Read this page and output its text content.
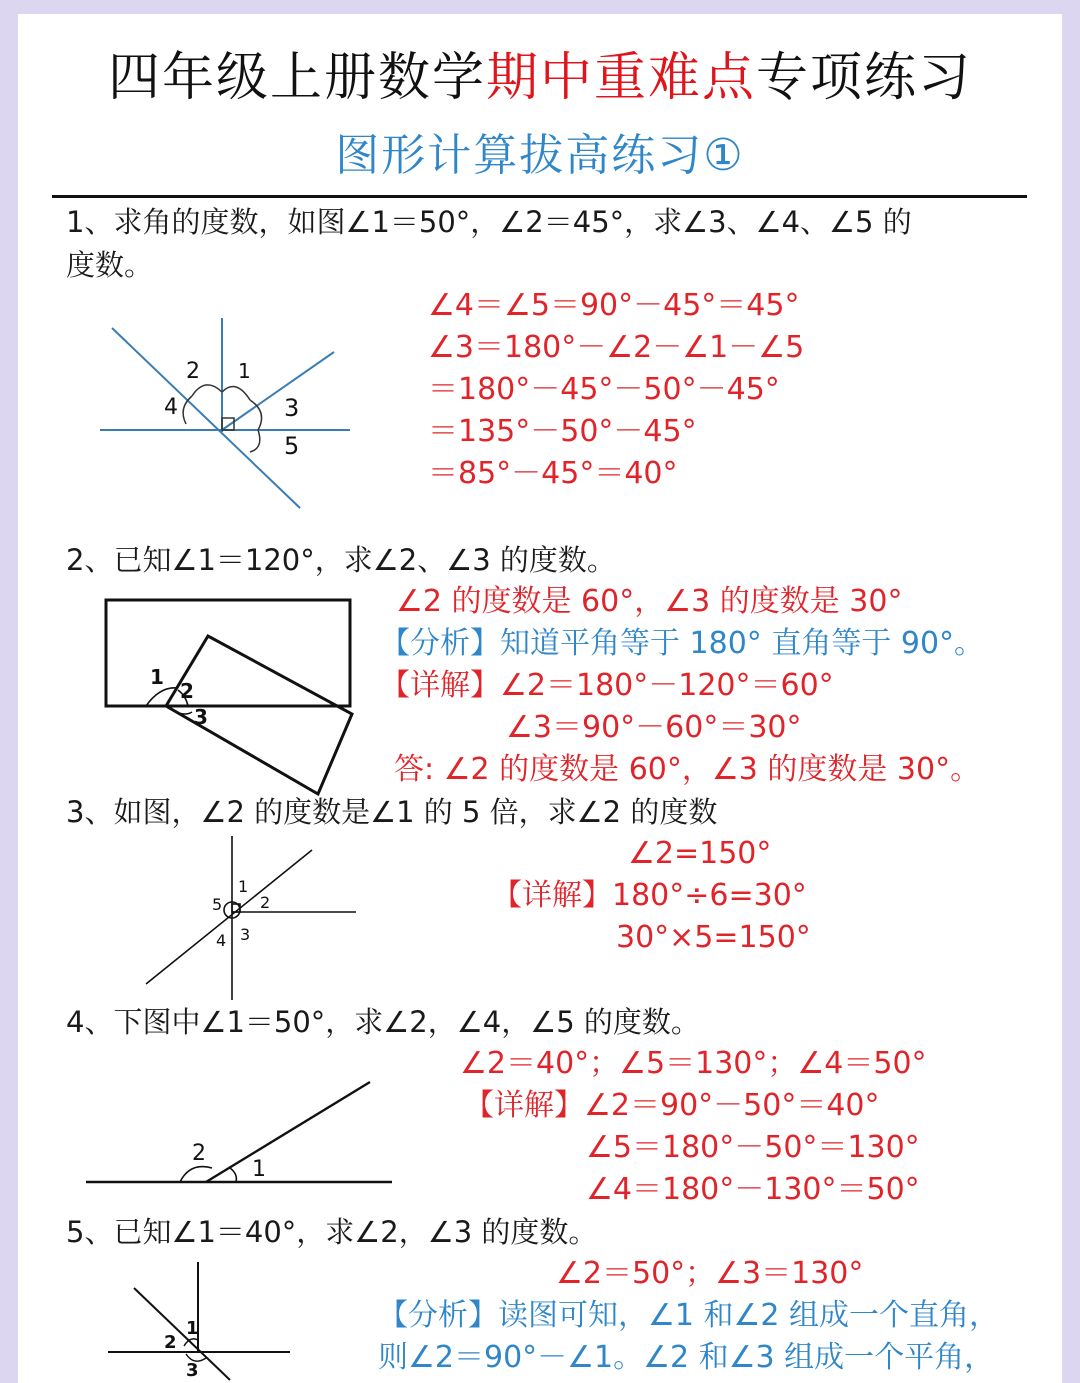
四年级上册数学期中重难点专项练习
图形计算拔高练习①
1、求角的度数，如图∠1＝50°，∠2＝45°，求∠3、∠4、∠5 的
度数。
∠4＝∠5＝90°－45°＝45°
∠3＝180°－∠2－∠1－∠5
＝180°－45°－50°－45°
＝135°－50°－45°
＝85°－45°＝40°
2 1
4	3
5
2、已知∠1＝120°，求∠2、∠3 的度数。
∠2 的度数是 60°，∠3 的度数是 30°
【分析】知道平角等于 180° 直角等于 90°。
【详解】∠2＝180°－120°＝60°
∠3＝90°－60°＝30°
答: ∠2 的度数是 60°，∠3 的度数是 30°。
1
2
3
3、如图，∠2 的度数是∠1 的 5 倍，求∠2 的度数
∠2=150°
【详解】180°÷6=30°
30°×5=150°
1
2
3
4
5
4、下图中∠1＝50°，求∠2，∠4，∠5 的度数。
∠2＝40°；∠5＝130°；∠4＝50°
【详解】∠2＝90°－50°＝40°
∠5＝180°－50°＝130°
∠4＝180°－130°＝50°
2
1
5、已知∠1＝40°，求∠2，∠3 的度数。
∠2＝50°；∠3＝130°
【分析】读图可知，∠1 和∠2 组成一个直角，
则∠2＝90°－∠1。∠2 和∠3 组成一个平角，
1
2
3
